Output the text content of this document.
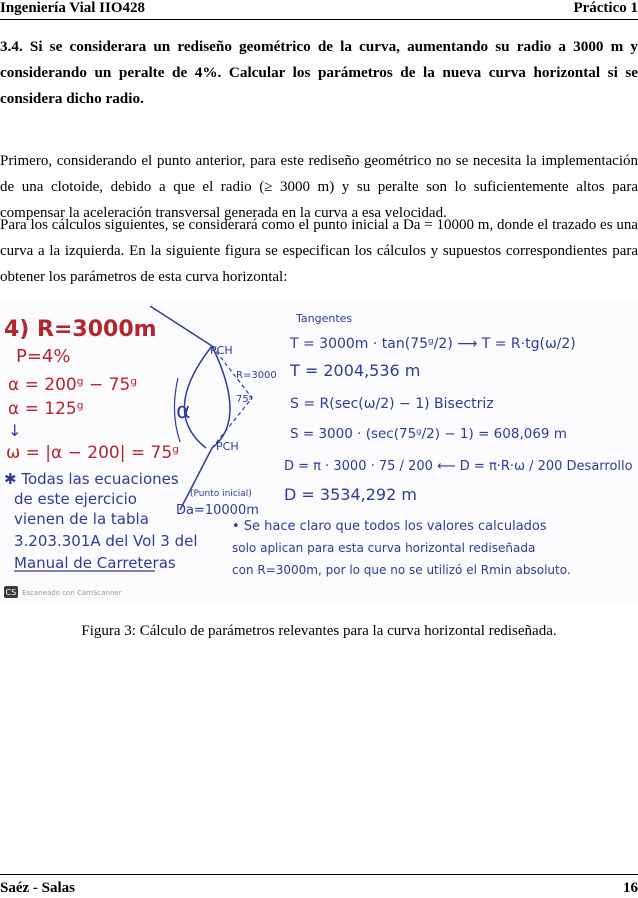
Ingeniería Vial IIO428	Práctico 1

3.4. Si se considerara un rediseño geométrico de la curva, aumentando su radio a 3000 m y considerando un peralte de 4%. Calcular los parámetros de la nueva curva horizontal si se considera dicho radio.

Primero, considerando el punto anterior, para este rediseño geométrico no se necesita la implementación de una clotoide, debido a que el radio (≥ 3000 m) y su peralte son lo suficientemente altos para compensar la aceleración transversal generada en la curva a esa velocidad.

Para los cálculos siguientes, se considerará como el punto inicial a Da = 10000 m, donde el trazado es una curva a la izquierda. En la siguiente figura se especifican los cálculos y supuestos correspondientes para obtener los parámetros de esta curva horizontal:

4) R=3000m
P=4%
⍺ = 200ᵍ − 75ᵍ
⍺ = 125ᵍ
↓
ω = |⍺ − 200| = 75ᵍ
✱ Todas las ecuaciones
de este ejercicio
vienen de la tabla
3.203.301A del Vol 3 del
Manual de Carreteras
PCH
PCH
R=3000
75ᵍ
⍺
(Punto inicial)
Da=10000m
Tangentes
T = 3000m · tan(75ᵍ/2) ⟶ T = R·tg(ω/2)
T = 2004,536 m
S = R(sec(ω/2) − 1) Bisectriz
S = 3000 · (sec(75ᵍ/2) − 1) = 608,069 m
D = π · 3000 · 75 / 200 ⟵ D = π·R·ω / 200 Desarrollo
D = 3534,292 m
• Se hace claro que todos los valores calculados
solo aplican para esta curva horizontal rediseñada
con R=3000m, por lo que no se utilizó el Rmin absoluto.
CS Escaneado con CamScanner
Figura 3: Cálculo de parámetros relevantes para la curva horizontal rediseñada.
Saéz - Salas	16
